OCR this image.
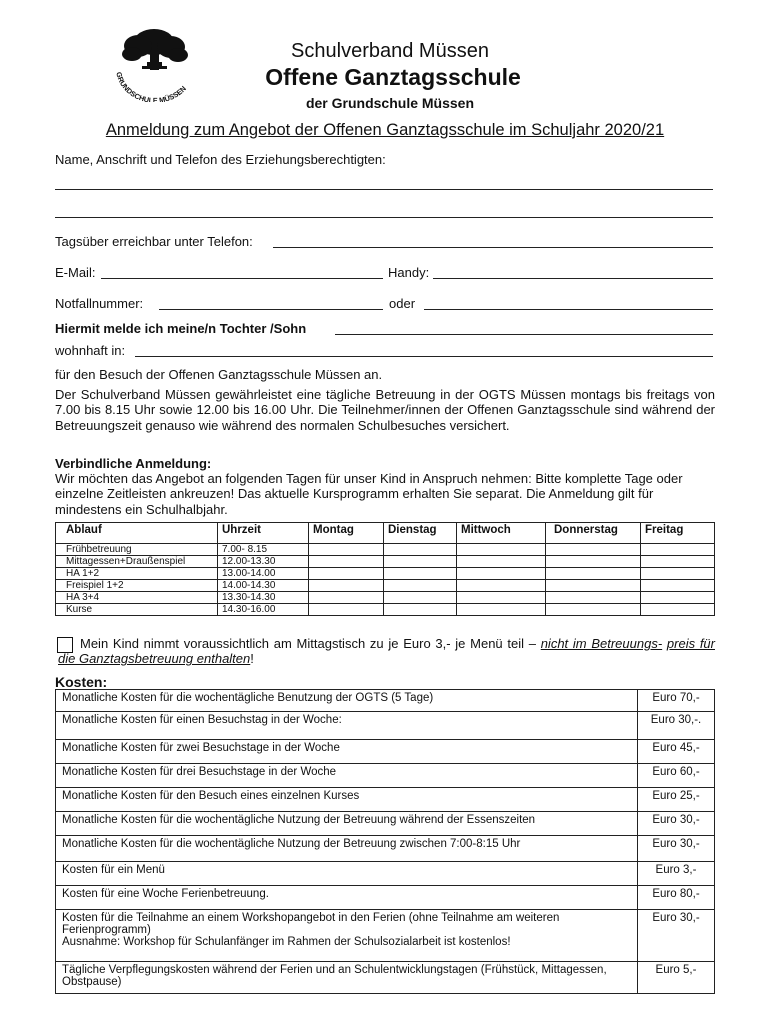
GRUNDSCHULE MÜSSEN
Schulverband Müssen
Offene Ganztagsschule
der Grundschule Müssen
Anmeldung zum Angebot der Offenen Ganztagsschule im Schuljahr 2020/21
Name, Anschrift und Telefon des Erziehungsberechtigten:
Tagsüber erreichbar unter Telefon:
E-Mail:	Handy:
Notfallnummer:	oder
Hiermit melde ich meine/n Tochter /Sohn
wohnhaft in:
für den Besuch der Offenen Ganztagsschule Müssen an.
Der Schulverband Müssen gewährleistet eine tägliche Betreuung in der OGTS Müssen montags bis freitags von 7.00 bis 8.15 Uhr sowie 12.00 bis 16.00 Uhr. Die Teilnehmer/innen der Offenen Ganztagsschule sind während der Betreuungszeit genauso wie während des normalen Schulbesuches versichert.
Verbindliche Anmeldung:
Wir möchten das Angebot an folgenden Tagen für unser Kind in Anspruch nehmen: Bitte komplette Tage oder einzelne Zeitleisten ankreuzen! Das aktuelle Kursprogramm erhalten Sie separat. Die Anmeldung gilt für mindestens ein Schulhalbjahr.
Ablauf	Uhrzeit	Montag	Dienstag	Mittwoch	Donnerstag	Freitag
Frühbetreuung	7.00- 8.15					
Mittagessen+Draußenspiel	12.00-13.30					
HA 1+2	13.00-14.00					
Freispiel 1+2	14.00-14.30					
HA 3+4	13.30-14.30					
Kurse	14.30-16.00					
Mein Kind nimmt voraussichtlich am Mittagstisch zu je Euro 3,- je Menü teil – nicht im Betreuungs- preis für die Ganztagsbetreuung enthalten!
Kosten:
Monatliche Kosten für die wochentägliche Benutzung der OGTS (5 Tage)	Euro 70,-
Monatliche Kosten für einen Besuchstag in der Woche:	Euro 30,-.
Monatliche Kosten für zwei Besuchstage in der Woche	Euro 45,-
Monatliche Kosten für drei Besuchstage in der Woche	Euro 60,-
Monatliche Kosten für den Besuch eines einzelnen Kurses	Euro 25,-
Monatliche Kosten für die wochentägliche Nutzung der Betreuung während der Essenszeiten	Euro 30,-
Monatliche Kosten für die wochentägliche Nutzung der Betreuung zwischen 7:00-8:15 Uhr	Euro 30,-
Kosten für ein Menü	Euro 3,-
Kosten für eine Woche Ferienbetreuung.	Euro 80,-
Kosten für die Teilnahme an einem Workshopangebot in den Ferien (ohne Teilnahme am weiteren Ferienprogramm)
Ausnahme: Workshop für Schulanfänger im Rahmen der Schulsozialarbeit ist kostenlos!	Euro 30,-
Tägliche Verpflegungskosten während der Ferien und an Schulentwicklungstagen (Frühstück, Mittagessen, Obstpause)	Euro 5,-
